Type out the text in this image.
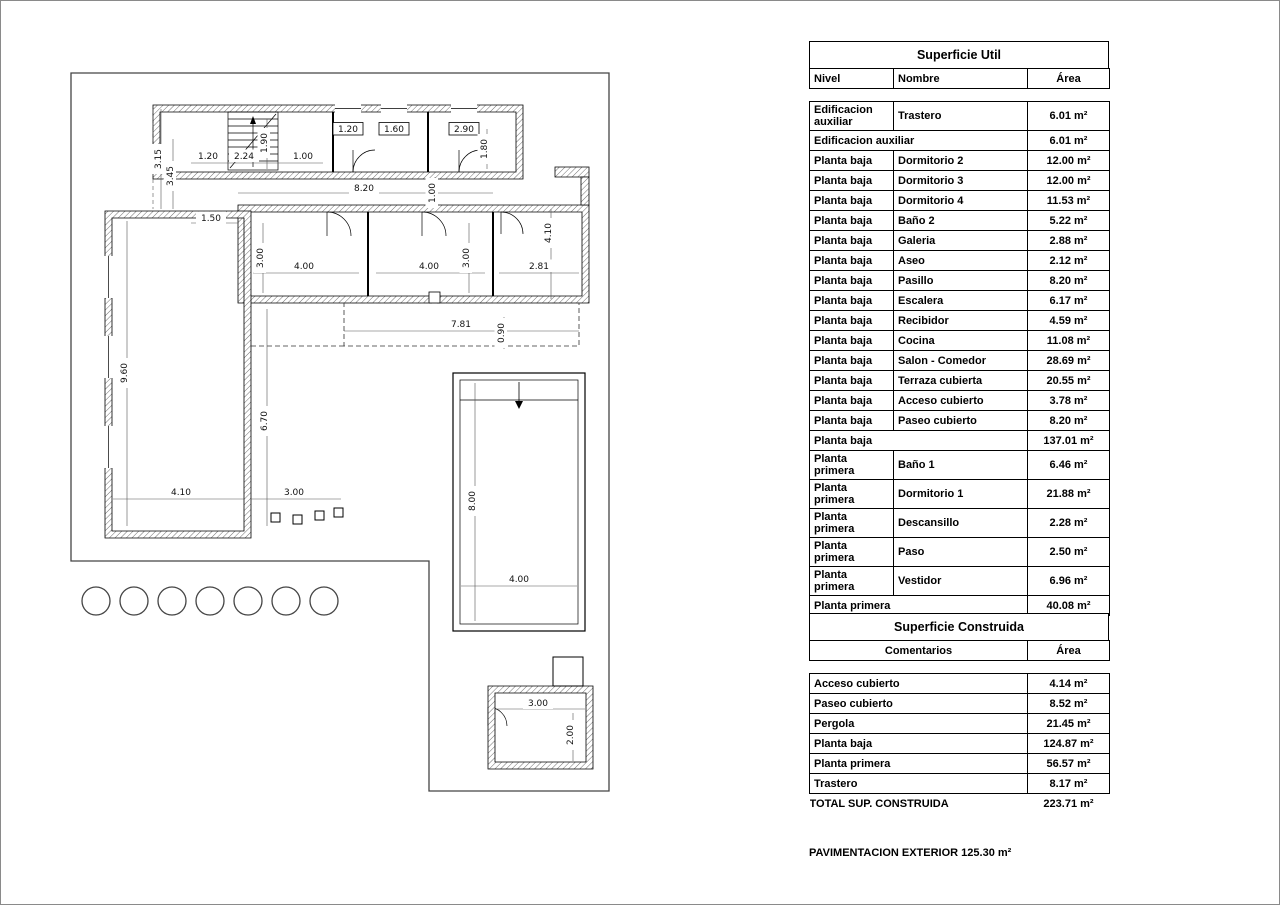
3.15
3.45
1.20 2.24
1.90
1.00
1.20	1.60	2.90
1.80
8.20	1.00
1.50
3.00	4.00	4.00	3.00	2.81
4.10
9.60
6.70
7.81	0.90
4.10	3.00	8.00
4.00
3.00
2.00
Superficie Util
Nivel	Nombre	Área
Edificacion auxiliar	Trastero	6.01 m²
Edificacion auxiliar		6.01 m²
Planta baja	Dormitorio 2	12.00 m²
Planta baja	Dormitorio 3	12.00 m²
Planta baja	Dormitorio 4	11.53 m²
Planta baja	Baño 2	5.22 m²
Planta baja	Galeria	2.88 m²
Planta baja	Aseo	2.12 m²
Planta baja	Pasillo	8.20 m²
Planta baja	Escalera	6.17 m²
Planta baja	Recibidor	4.59 m²
Planta baja	Cocina	11.08 m²
Planta baja	Salon - Comedor	28.69 m²
Planta baja	Terraza cubierta	20.55 m²
Planta baja	Acceso cubierto	3.78 m²
Planta baja	Paseo cubierto	8.20 m²
Planta baja		137.01 m²
Planta primera	Baño 1	6.46 m²
Planta primera	Dormitorio 1	21.88 m²
Planta primera	Descansillo	2.28 m²
Planta primera	Paso	2.50 m²
Planta primera	Vestidor	6.96 m²
Planta primera		40.08 m²

Superficie Construida
Comentarios	Área
Acceso cubierto	4.14 m²
Paseo cubierto	8.52 m²
Pergola	21.45 m²
Planta baja	124.87 m²
Planta primera	56.57 m²
Trastero	8.17 m²
TOTAL SUP. CONSTRUIDA	223.71 m²
PAVIMENTACION EXTERIOR 125.30 m²
